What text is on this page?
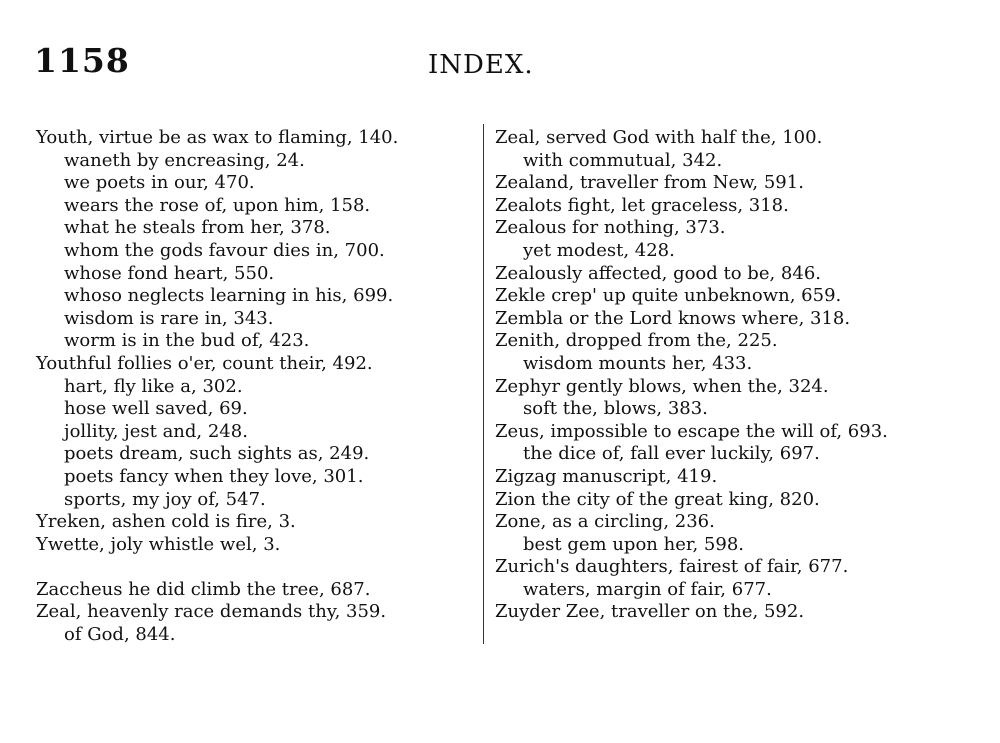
1158	INDEX.
Youth, virtue be as wax to flaming, 140.
waneth by encreasing, 24.
we poets in our, 470.
wears the rose of, upon him, 158.
what he steals from her, 378.
whom the gods favour dies in, 700.
whose fond heart, 550.
whoso neglects learning in his, 699.
wisdom is rare in, 343.
worm is in the bud of, 423.
Youthful follies o'er, count their, 492.
hart, fly like a, 302.
hose well saved, 69.
jollity, jest and, 248.
poets dream, such sights as, 249.
poets fancy when they love, 301.
sports, my joy of, 547.
Yreken, ashen cold is fire, 3.
Ywette, joly whistle wel, 3.
Zaccheus he did climb the tree, 687.
Zeal, heavenly race demands thy, 359.
of God, 844.
Zeal, served God with half the, 100.
with commutual, 342.
Zealand, traveller from New, 591.
Zealots fight, let graceless, 318.
Zealous for nothing, 373.
yet modest, 428.
Zealously affected, good to be, 846.
Zekle crep' up quite unbeknown, 659.
Zembla or the Lord knows where, 318.
Zenith, dropped from the, 225.
wisdom mounts her, 433.
Zephyr gently blows, when the, 324.
soft the, blows, 383.
Zeus, impossible to escape the will of, 693.
the dice of, fall ever luckily, 697.
Zigzag manuscript, 419.
Zion the city of the great king, 820.
Zone, as a circling, 236.
best gem upon her, 598.
Zurich's daughters, fairest of fair, 677.
waters, margin of fair, 677.
Zuyder Zee, traveller on the, 592.
